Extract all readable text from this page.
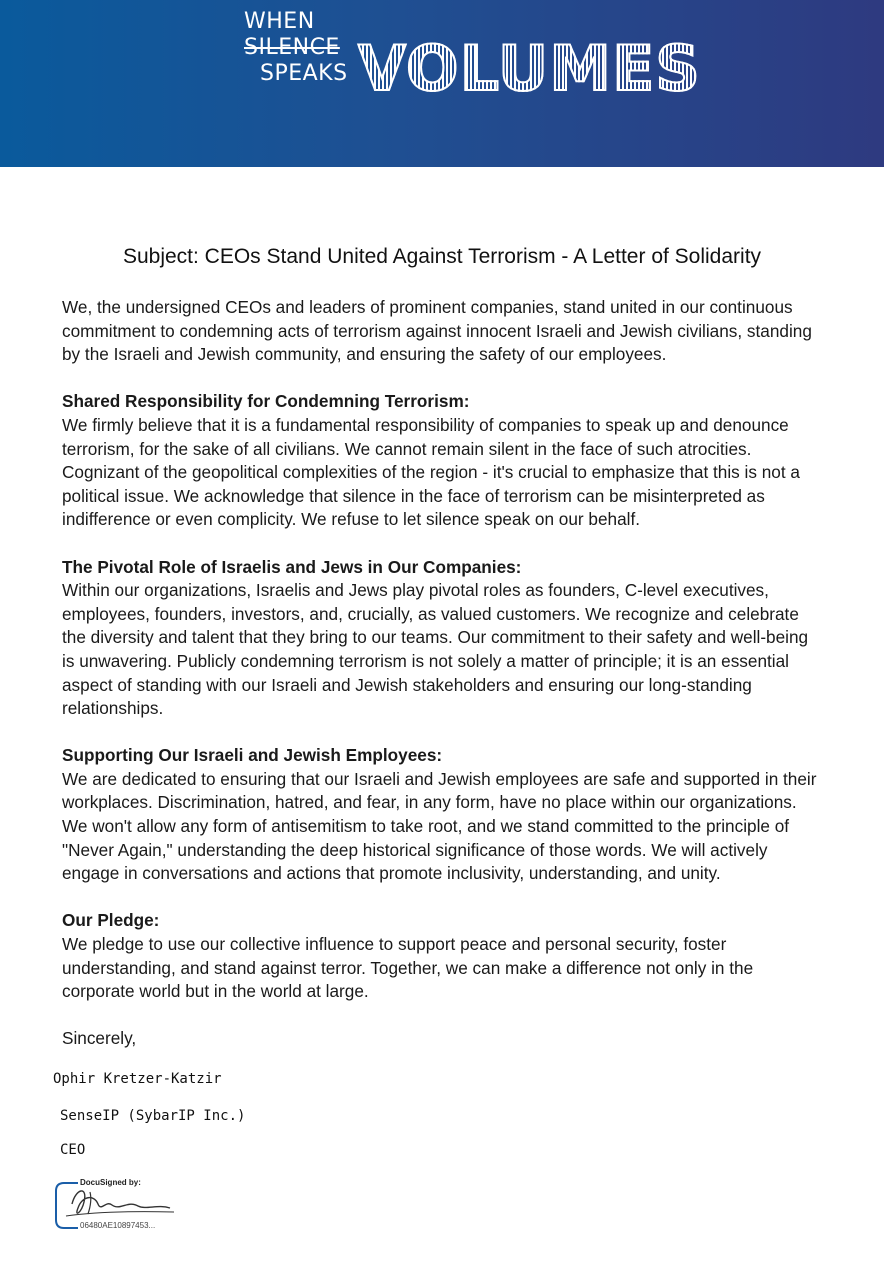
WHEN
SILENCE
SPEAKS VOLUMES
Subject: CEOs Stand United Against Terrorism - A Letter of Solidarity

We, the undersigned CEOs and leaders of prominent companies, stand united in our continuous commitment to condemning acts of terrorism against innocent Israeli and Jewish civilians, standing by the Israeli and Jewish community, and ensuring the safety of our employees.

Shared Responsibility for Condemning Terrorism:

We firmly believe that it is a fundamental responsibility of companies to speak up and denounce terrorism, for the sake of all civilians. We cannot remain silent in the face of such atrocities. Cognizant of the geopolitical complexities of the region - it's crucial to emphasize that this is not a political issue. We acknowledge that silence in the face of terrorism can be misinterpreted as indifference or even complicity. We refuse to let silence speak on our behalf.

The Pivotal Role of Israelis and Jews in Our Companies:

Within our organizations, Israelis and Jews play pivotal roles as founders, C-level executives, employees, founders, investors, and, crucially, as valued customers. We recognize and celebrate the diversity and talent that they bring to our teams. Our commitment to their safety and well-being is unwavering. Publicly condemning terrorism is not solely a matter of principle; it is an essential aspect of standing with our Israeli and Jewish stakeholders and ensuring our long-standing relationships.

Supporting Our Israeli and Jewish Employees:

We are dedicated to ensuring that our Israeli and Jewish employees are safe and supported in their workplaces. Discrimination, hatred, and fear, in any form, have no place within our organizations. We won't allow any form of antisemitism to take root, and we stand committed to the principle of "Never Again," understanding the deep historical significance of those words. We will actively engage in conversations and actions that promote inclusivity, understanding, and unity.

Our Pledge:

We pledge to use our collective influence to support peace and personal security, foster understanding, and stand against terror. Together, we can make a difference not only in the corporate world but in the world at large.

Sincerely,

Ophir Kretzer-Katzir
SenseIP (SybarIP Inc.)
CEO
DocuSigned by:
06480AE10897453...
